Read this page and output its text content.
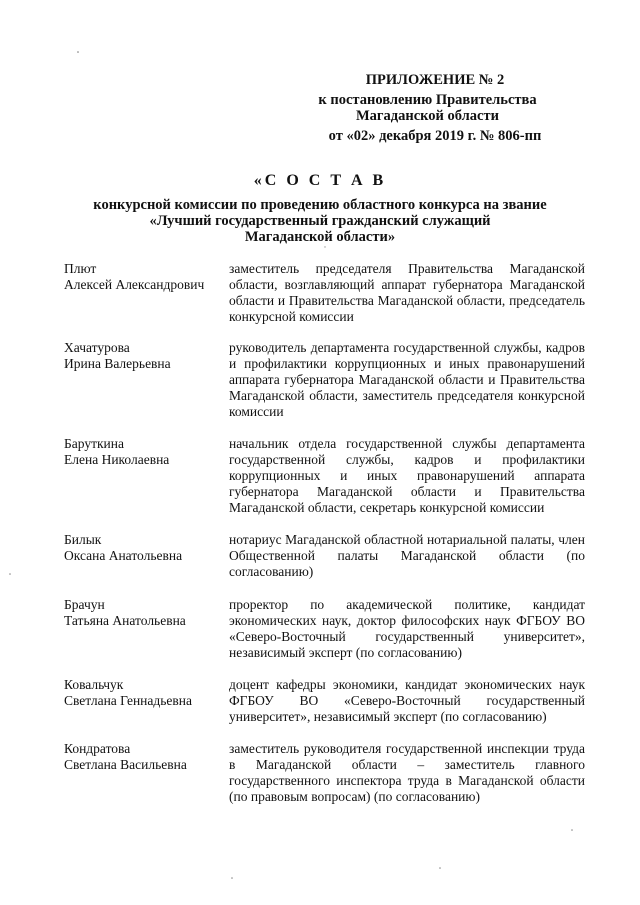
ПРИЛОЖЕНИЕ № 2
к постановлению Правительства
Магаданской области
от «02» декабря 2019 г. № 806-пп
«С О С Т А В
конкурсной комиссии по проведению областного конкурса на звание
«Лучший государственный гражданский служащий
Магаданской области»
Плют
Алексей Александрович
заместитель председателя Правительства Магаданской области, возглавляющий аппарат губернатора Магаданской области и Правительства Магаданской области, председатель конкурсной комиссии
Хачатурова
Ирина Валерьевна
руководитель департамента государственной службы, кадров и профилактики коррупционных и иных правонарушений аппарата губернатора Магаданской области и Правительства Магаданской области, заместитель председателя конкурсной комиссии
Баруткина
Елена Николаевна
начальник отдела государственной службы департамента государственной службы, кадров и профилактики коррупционных и иных правонарушений аппарата губернатора Магаданской области и Правительства Магаданской области, секретарь конкурсной комиссии
Билык
Оксана Анатольевна
нотариус Магаданской областной нотариальной палаты, член Общественной палаты Магаданской области (по согласованию)
Брачун
Татьяна Анатольевна
проректор по академической политике, кандидат экономических наук, доктор философских наук ФГБОУ ВО «Северо-Восточный государственный университет», независимый эксперт (по согласованию)
Ковальчук
Светлана Геннадьевна
доцент кафедры экономики, кандидат экономических наук ФГБОУ ВО «Северо-Восточный государственный университет», независимый эксперт (по согласованию)
Кондратова
Светлана Васильевна
заместитель руководителя государственной инспекции труда в Магаданской области – заместитель главного государственного инспектора труда в Магаданской области (по правовым вопросам) (по согласованию)
